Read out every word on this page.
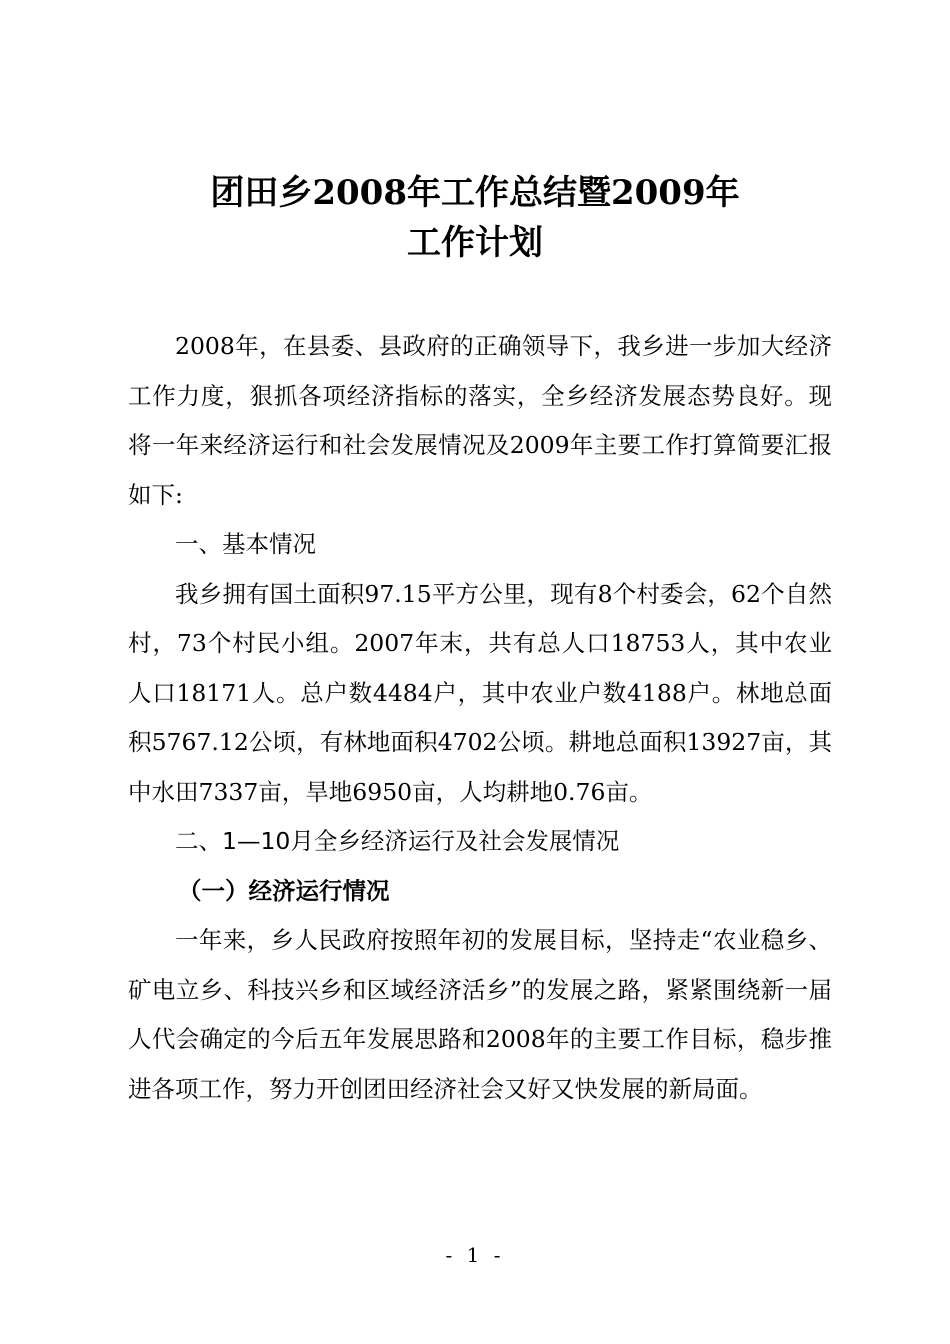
团田乡2008年工作总结暨2009年
工作计划

2008年，在县委、县政府的正确领导下，我乡进一步加大经济工作力度，狠抓各项经济指标的落实，全乡经济发展态势良好。现将一年来经济运行和社会发展情况及2009年主要工作打算简要汇报如下:

一、基本情况

我乡拥有国土面积97.15平方公里，现有8个村委会，62个自然村，73个村民小组。2007年末，共有总人口18753人，其中农业人口18171人。总户数4484户，其中农业户数4188户。林地总面积5767.12公顷，有林地面积4702公顷。耕地总面积13927亩，其中水田7337亩，旱地6950亩，人均耕地0.76亩。

二、1—10月全乡经济运行及社会发展情况

（一）经济运行情况

一年来，乡人民政府按照年初的发展目标，坚持走“农业稳乡、矿电立乡、科技兴乡和区域经济活乡”的发展之路，紧紧围绕新一届人代会确定的今后五年发展思路和2008年的主要工作目标，稳步推进各项工作，努力开创团田经济社会又好又快发展的新局面。

- 1 -
